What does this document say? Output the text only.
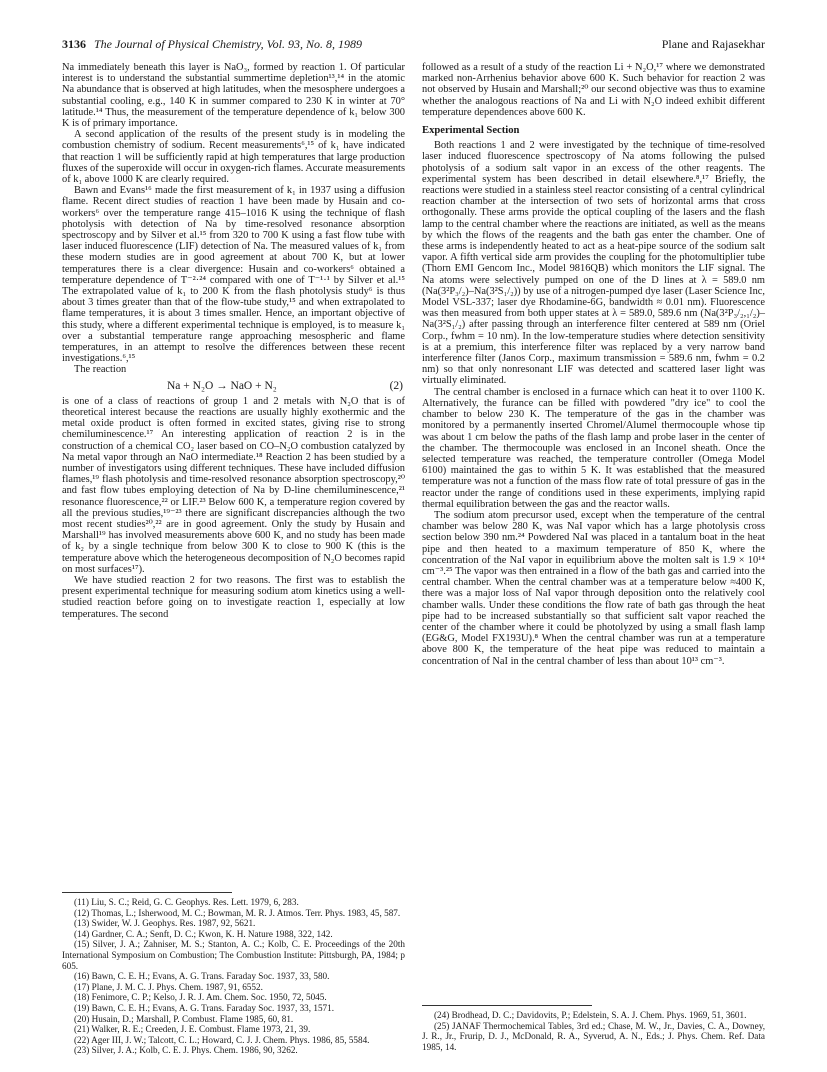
3136 The Journal of Physical Chemistry, Vol. 93, No. 8, 1989	Plane and Rajasekhar

Na immediately beneath this layer is NaO₃, formed by reaction 1. Of particular interest is to understand the substantial summertime depletion¹³,¹⁴ in the atomic Na abundance that is observed at high latitudes, when the mesosphere undergoes a substantial cooling, e.g., 140 K in summer compared to 230 K in winter at 70° latitude.¹⁴ Thus, the measurement of the temperature dependence of k₁ below 300 K is of primary importance.

A second application of the results of the present study is in modeling the combustion chemistry of sodium. Recent measurements⁶,¹⁵ of k₁ have indicated that reaction 1 will be sufficiently rapid at high temperatures that large production fluxes of the superoxide will occur in oxygen-rich flames. Accurate measurements of k₁ above 1000 K are clearly required.

Bawn and Evans¹⁶ made the first measurement of k₁ in 1937 using a diffusion flame. Recent direct studies of reaction 1 have been made by Husain and co-workers⁶ over the temperature range 415–1016 K using the technique of flash photolysis with detection of Na by time-resolved resonance absorption spectroscopy and by Silver et al.¹⁵ from 320 to 700 K using a fast flow tube with laser induced fluorescence (LIF) detection of Na. The measured values of k₁ from these modern studies are in good agreement at about 700 K, but at lower temperatures there is a clear divergence: Husain and co-workers⁶ obtained a temperature dependence of T⁻²·²⁴ compared with one of T⁻¹·¹ by Silver et al.¹⁵ The extrapolated value of k₁ to 200 K from the flash photolysis study⁶ is thus about 3 times greater than that of the flow-tube study,¹⁵ and when extrapolated to flame temperatures, it is about 3 times smaller. Hence, an important objective of this study, where a different experimental technique is employed, is to measure k₁ over a substantial temperature range approaching mesospheric and flame temperatures, in an attempt to resolve the differences between these recent investigations.⁶,¹⁵

The reaction

Na + N₂O → NaO + N₂	(2)

is one of a class of reactions of group 1 and 2 metals with N₂O that is of theoretical interest because the reactions are usually highly exothermic and the metal oxide product is often formed in excited states, giving rise to strong chemiluminescence.¹⁷ An interesting application of reaction 2 is in the construction of a chemical CO₂ laser based on CO–N₂O combustion catalyzed by Na metal vapor through an NaO intermediate.¹⁸ Reaction 2 has been studied by a number of investigators using different techniques. These have included diffusion flames,¹⁹ flash photolysis and time-resolved resonance absorption spectroscopy,²⁰ and fast flow tubes employing detection of Na by D-line chemiluminescence,²¹ resonance fluorescence,²² or LIF.²³ Below 600 K, a temperature region covered by all the previous studies,¹⁹⁻²³ there are significant discrepancies although the two most recent studies²⁰,²² are in good agreement. Only the study by Husain and Marshall¹⁹ has involved measurements above 600 K, and no study has been made of k₂ by a single technique from below 300 K to close to 900 K (this is the temperature above which the heterogeneous decomposition of N₂O becomes rapid on most surfaces¹⁷).

We have studied reaction 2 for two reasons. The first was to establish the present experimental technique for measuring sodium atom kinetics using a well-studied reaction before going on to investigate reaction 1, especially at low temperatures. The second

(11) Liu, S. C.; Reid, G. C. Geophys. Res. Lett. 1979, 6, 283.

(12) Thomas, L.; Isherwood, M. C.; Bowman, M. R. J. Atmos. Terr. Phys. 1983, 45, 587.

(13) Swider, W. J. Geophys. Res. 1987, 92, 5621.

(14) Gardner, C. A.; Senft, D. C.; Kwon, K. H. Nature 1988, 322, 142.

(15) Silver, J. A.; Zahniser, M. S.; Stanton, A. C.; Kolb, C. E. Proceedings of the 20th International Symposium on Combustion; The Combustion Institute: Pittsburgh, PA, 1984; p 605.

(16) Bawn, C. E. H.; Evans, A. G. Trans. Faraday Soc. 1937, 33, 580.

(17) Plane, J. M. C. J. Phys. Chem. 1987, 91, 6552.

(18) Fenimore, C. P.; Kelso, J. R. J. Am. Chem. Soc. 1950, 72, 5045.

(19) Bawn, C. E. H.; Evans, A. G. Trans. Faraday Soc. 1937, 33, 1571.

(20) Husain, D.; Marshall, P. Combust. Flame 1985, 60, 81.

(21) Walker, R. E.; Creeden, J. E. Combust. Flame 1973, 21, 39.

(22) Ager III, J. W.; Talcott, C. L.; Howard, C. J. J. Chem. Phys. 1986, 85, 5584.

(23) Silver, J. A.; Kolb, C. E. J. Phys. Chem. 1986, 90, 3262.

followed as a result of a study of the reaction Li + N₂O,¹⁷ where we demonstrated marked non-Arrhenius behavior above 600 K. Such behavior for reaction 2 was not observed by Husain and Marshall;²⁰ our second objective was thus to examine whether the analogous reactions of Na and Li with N₂O indeed exhibit different temperature dependences above 600 K.

Experimental Section

Both reactions 1 and 2 were investigated by the technique of time-resolved laser induced fluorescence spectroscopy of Na atoms following the pulsed photolysis of a sodium salt vapor in an excess of the other reagents. The experimental system has been described in detail elsewhere.⁸,¹⁷ Briefly, the reactions were studied in a stainless steel reactor consisting of a central cylindrical reaction chamber at the intersection of two sets of horizontal arms that cross orthogonally. These arms provide the optical coupling of the lasers and the flash lamp to the central chamber where the reactions are initiated, as well as the means by which the flows of the reagents and the bath gas enter the chamber. One of these arms is independently heated to act as a heat-pipe source of the sodium salt vapor. A fifth vertical side arm provides the coupling for the photomultiplier tube (Thorn EMI Gencom Inc., Model 9816QB) which monitors the LIF signal. The Na atoms were selectively pumped on one of the D lines at λ = 589.0 nm (Na(3²P₃/₂)–Na(3²S₁/₂)) by use of a nitrogen-pumped dye laser (Laser Science Inc, Model VSL-337; laser dye Rhodamine-6G, bandwidth ≈ 0.01 nm). Fluorescence was then measured from both upper states at λ = 589.0, 589.6 nm (Na(3²P₃/₂,₁/₂)–Na(3²S₁/₂) after passing through an interference filter centered at 589 nm (Oriel Corp., fwhm = 10 nm). In the low-temperature studies where detection sensitivity is at a premium, this interference filter was replaced by a very narrow band interference filter (Janos Corp., maximum transmission = 589.6 nm, fwhm = 0.2 nm) so that only nonresonant LIF was detected and scattered laser light was virtually eliminated.

The central chamber is enclosed in a furnace which can heat it to over 1100 K. Alternatively, the furance can be filled with powdered "dry ice" to cool the chamber to below 230 K. The temperature of the gas in the chamber was monitored by a permanently inserted Chromel/Alumel thermocouple whose tip was about 1 cm below the paths of the flash lamp and probe laser in the center of the chamber. The thermocouple was enclosed in an Inconel sheath. Once the selected temperature was reached, the temperature controller (Omega Model 6100) maintained the gas to within 5 K. It was established that the measured temperature was not a function of the mass flow rate of total pressure of gas in the reactor under the range of conditions used in these experiments, implying rapid thermal equilibration between the gas and the reactor walls.

The sodium atom precursor used, except when the temperature of the central chamber was below 280 K, was NaI vapor which has a large photolysis cross section below 390 nm.²⁴ Powdered NaI was placed in a tantalum boat in the heat pipe and then heated to a maximum temperature of 850 K, where the concentration of the NaI vapor in equilibrium above the molten salt is 1.9 × 10¹⁴ cm⁻³.²⁵ The vapor was then entrained in a flow of the bath gas and carried into the central chamber. When the central chamber was at a temperature below ≈400 K, there was a major loss of NaI vapor through deposition onto the relatively cool chamber walls. Under these conditions the flow rate of bath gas through the heat pipe had to be increased substantially so that sufficient salt vapor reached the center of the chamber where it could be photolyzed by using a small flash lamp (EG&G, Model FX193U).⁸ When the central chamber was run at a temperature above 800 K, the temperature of the heat pipe was reduced to maintain a concentration of NaI in the central chamber of less than about 10¹³ cm⁻³.

(24) Brodhead, D. C.; Davidovits, P.; Edelstein, S. A. J. Chem. Phys. 1969, 51, 3601.

(25) JANAF Thermochemical Tables, 3rd ed.; Chase, M. W., Jr., Davies, C. A., Downey, J. R., Jr., Frurip, D. J., McDonald, R. A., Syverud, A. N., Eds.; J. Phys. Chem. Ref. Data 1985, 14.
